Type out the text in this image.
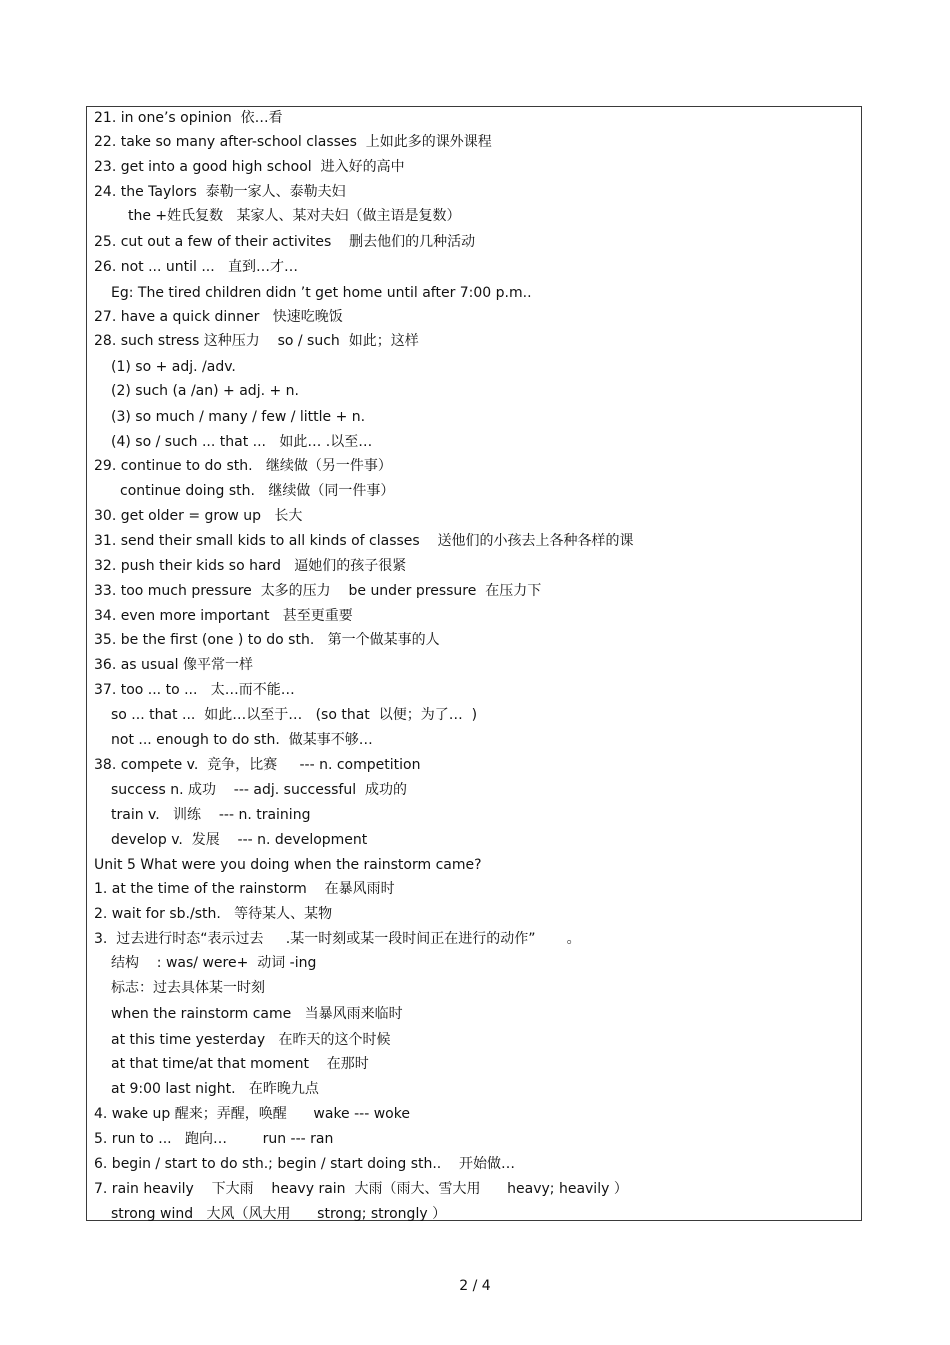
21. in one’s opinion  依…看
22. take so many after-school classes  上如此多的课外课程
23. get into a good high school  进入好的高中
24. the Taylors  泰勒一家人、泰勒夫妇
the +姓氏复数   某家人、某对夫妇（做主语是复数）
25. cut out a few of their activites    删去他们的几种活动
26. not ... until ...   直到…才…
Eg: The tired children didn ’t get home until after 7:00 p.m..
27. have a quick dinner   快速吃晚饭
28. such stress 这种压力    so / such  如此；这样
(1) so + adj. /adv.
(2) such (a /an) + adj. + n.
(3) so much / many / few / little + n.
(4) so / such ... that ...   如此… .以至…
29. continue to do sth.   继续做（另一件事）
continue doing sth.   继续做（同一件事）
30. get older = grow up   长大
31. send their small kids to all kinds of classes    送他们的小孩去上各种各样的课
32. push their kids so hard   逼她们的孩子很紧
33. too much pressure  太多的压力    be under pressure  在压力下
34. even more important   甚至更重要
35. be the first (one ) to do sth.   第一个做某事的人
36. as usual 像平常一样
37. too ... to ...   太…而不能…
so ... that ...  如此…以至于…   (so that  以便；为了…  )
not ... enough to do sth.  做某事不够…
38. compete v.  竞争，比赛     --- n. competition
success n. 成功    --- adj. successful  成功的
train v.   训练    --- n. training
develop v.  发展    --- n. development
Unit 5 What were you doing when the rainstorm came?
1. at the time of the rainstorm    在暴风雨时
2. wait for sb./sth.   等待某人、某物
3.  过去进行时态“表示过去     .某一时刻或某一段时间正在进行的动作”       。
结构    : was/ were+  动词 -ing
标志：过去具体某一时刻
when the rainstorm came   当暴风雨来临时
at this time yesterday   在昨天的这个时候
at that time/at that moment    在那时
at 9:00 last night.   在昨晚九点
4. wake up 醒来；弄醒，唤醒      wake --- woke
5. run to ...   跑向…        run --- ran
6. begin / start to do sth.; begin / start doing sth..    开始做…
7. rain heavily    下大雨    heavy rain  大雨（雨大、雪大用      heavy; heavily ）
strong wind   大风（风大用      strong; strongly ）
2 / 4
